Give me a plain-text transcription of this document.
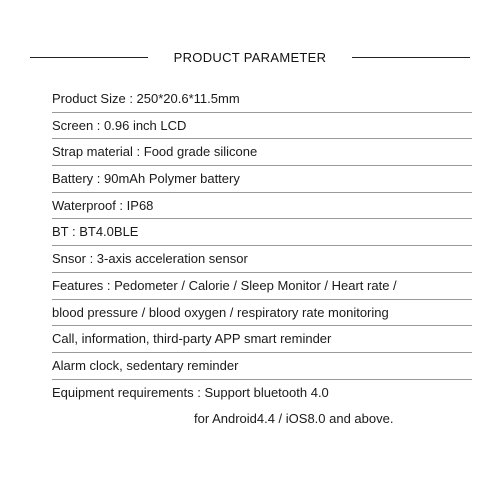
PRODUCT PARAMETER
Product Size : 250*20.6*11.5mm
Screen : 0.96 inch LCD
Strap material : Food grade silicone
Battery : 90mAh Polymer battery
Waterproof : IP68
BT : BT4.0BLE
Snsor : 3-axis acceleration sensor
Features : Pedometer / Calorie / Sleep Monitor / Heart rate /
blood pressure / blood oxygen / respiratory rate monitoring
Call, information, third-party APP smart reminder
Alarm clock, sedentary reminder
Equipment requirements : Support bluetooth 4.0
for Android4.4 / iOS8.0 and above.
